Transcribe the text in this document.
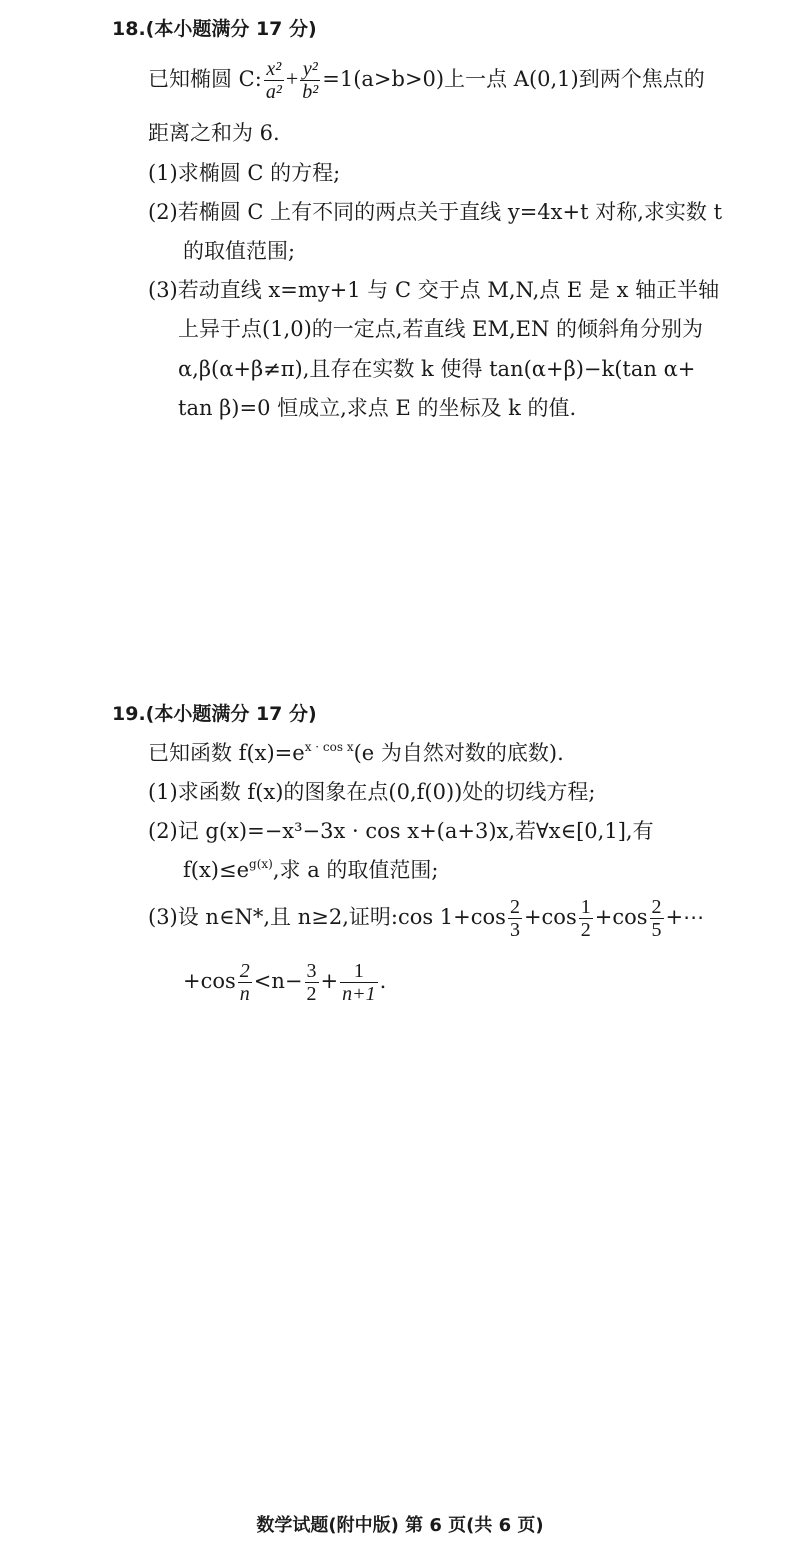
18.(本小题满分 17 分)
已知椭圆 C: $\frac{\text{x²}}{\text{a²}} + \frac{\text{y²}}{\text{b²}} =1(a>b>0)$上一点 A(0,1)到两个焦点的
距离之和为 6.
(1)求椭圆 C 的方程;
(2)若椭圆 C 上有不同的两点关于直线 y=4x+t 对称,求实数 t
的取值范围;
(3)若动直线 x=my+1 与 C 交于点 M,N,点 E 是 x 轴正半轴
上异于点(1,0)的一定点,若直线 EM,EN 的倾斜角分别为
α,β(α+β≠π),且存在实数 k 使得 tan(α+β)−k(tan α+
tan β)=0 恒成立,求点 E 的坐标及 k 的值.
19.(本小题满分 17 分)
已知函数 $f(x)=e^{x \cdot cos x}(e$ 为自然对数的底数).
(1)求函数 f(x)的图象在点(0,f(0))处的切线方程;
(2)记 g(x)=−x³−3x · cos x+(a+3)x,若∀x∈[0,1],有
$f(x)\le e^{g(x)}$,求 a 的取值范围;
(3)设 n∈N*,且 n≥2,证明:cos $1+\cos \frac{2}{3} +\cos \frac{1}{2} +\cos \frac{2}{5}$ +⋯
$+\cos \frac{2}{n} <n- \frac{3}{2} + \frac{1}{n+1}$ .
数学试题(附中版) 第 6 页(共 6 页)
